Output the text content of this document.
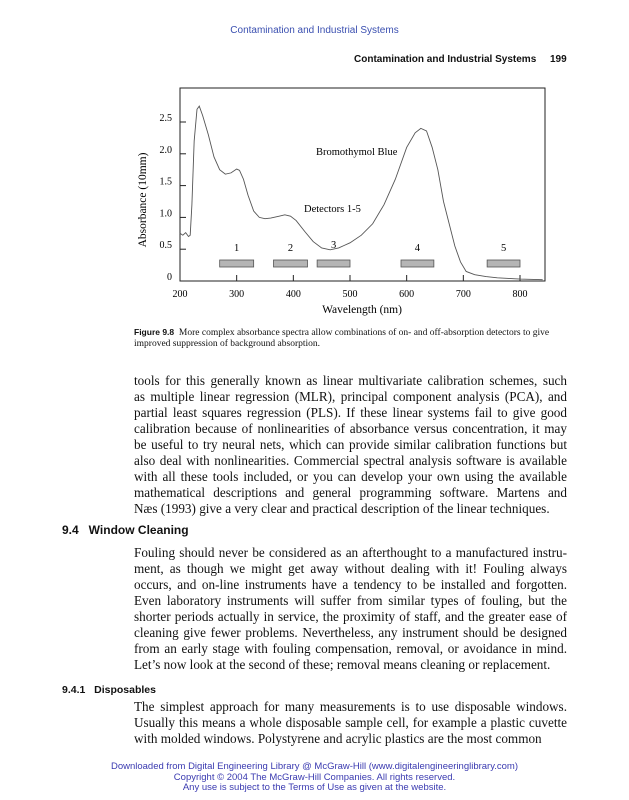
Contamination and Industrial Systems
Contamination and Industrial Systems 199
200	300	400	500	600	700	800
0
0.5
1.0
1.5
2.0
2.5
1	2	3	4	5
Bromothymol Blue
Detectors 1-5
Wavelength (nm)
Absorbance (10mm)
Figure 9.8 More complex absorbance spectra allow combinations of on- and off-absorption detectors to give improved suppression of background absorption.
tools for this generally known as linear multivariate calibration schemes, such
as multiple linear regression (MLR), principal component analysis (PCA), and
partial least squares regression (PLS). If these linear systems fail to give good
calibration because of nonlinearities of absorbance versus concentration, it may
be useful to try neural nets, which can provide similar calibration functions but
also deal with nonlinearities. Commercial spectral analysis software is available
with all these tools included, or you can develop your own using the available
mathematical descriptions and general programming software. Martens and
Næs (1993) give a very clear and practical description of the linear techniques.
9.4   Window Cleaning
Fouling should never be considered as an afterthought to a manufactured instru-
ment, as though we might get away without dealing with it! Fouling always
occurs, and on-line instruments have a tendency to be installed and forgotten.
Even laboratory instruments will suffer from similar types of fouling, but the
shorter periods actually in service, the proximity of staff, and the greater ease of
cleaning give fewer problems. Nevertheless, any instrument should be designed
from an early stage with fouling compensation, removal, or avoidance in mind.
Let’s now look at the second of these; removal means cleaning or replacement.
9.4.1   Disposables
The simplest approach for many measurements is to use disposable windows.
Usually this means a whole disposable sample cell, for example a plastic cuvette
with molded windows. Polystyrene and acrylic plastics are the most common
Downloaded from Digital Engineering Library @ McGraw-Hill (www.digitalengineeringlibrary.com)
Copyright © 2004 The McGraw-Hill Companies. All rights reserved.
Any use is subject to the Terms of Use as given at the website.
